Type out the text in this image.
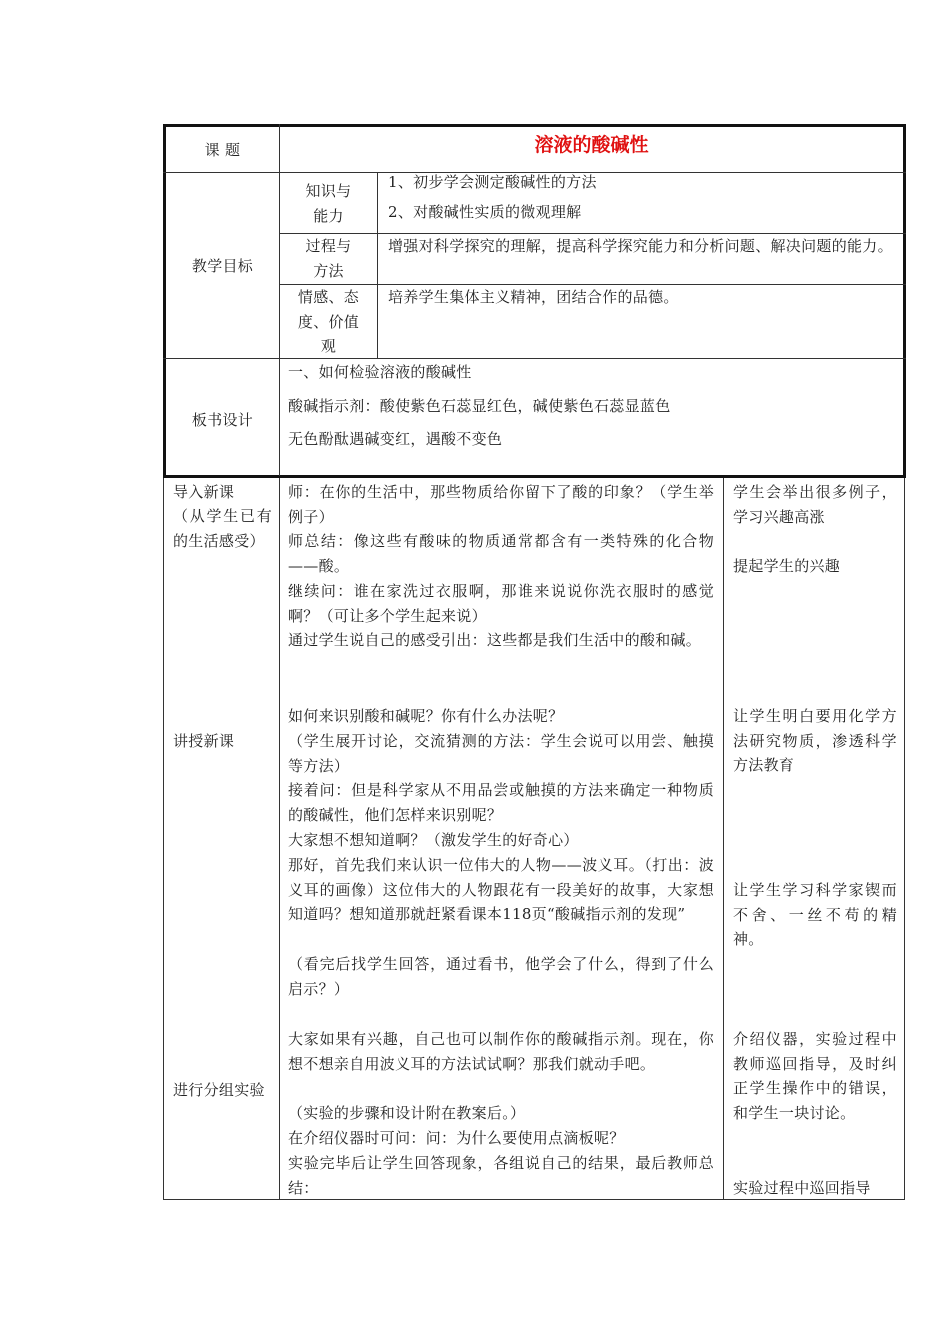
课 题	溶液的酸碱性
教学目标
知识与
能力
1、初步学会测定酸碱性的方法
2、对酸碱性实质的微观理解
过程与
方法
增强对科学探究的理解，提高科学探究能力和分析问题、解决问题的能力。
情感、态
度、价值
观
培养学生集体主义精神，团结合作的品德。
板书设计
一、如何检验溶液的酸碱性
酸碱指示剂：酸使紫色石蕊显红色，碱使紫色石蕊显蓝色
无色酚酞遇碱变红，遇酸不变色
导入新课
（从学生已有的生活感受）
讲授新课
进行分组实验
师：在你的生活中，那些物质给你留下了酸的印象？（学生举例子）
师总结：像这些有酸味的物质通常都含有一类特殊的化合物——酸。
继续问：谁在家洗过衣服啊，那谁来说说你洗衣服时的感觉啊？（可让多个学生起来说）
通过学生说自己的感受引出：这些都是我们生活中的酸和碱。
如何来识别酸和碱呢？你有什么办法呢？
（学生展开讨论，交流猜测的方法：学生会说可以用尝、触摸等方法）
接着问：但是科学家从不用品尝或触摸的方法来确定一种物质的酸碱性，他们怎样来识别呢？
大家想不想知道啊？（激发学生的好奇心）
那好，首先我们来认识一位伟大的人物——波义耳。（打出：波义耳的画像）这位伟大的人物跟花有一段美好的故事，大家想知道吗？想知道那就赶紧看课本118页“酸碱指示剂的发现”
（看完后找学生回答，通过看书，他学会了什么，得到了什么启示？）
大家如果有兴趣，自己也可以制作你的酸碱指示剂。现在，你想不想亲自用波义耳的方法试试啊？那我们就动手吧。
（实验的步骤和设计附在教案后。）
在介绍仪器时可问：问：为什么要使用点滴板呢？
实验完毕后让学生回答现象，各组说自己的结果，最后教师总结：
学生会举出很多例子，学习兴趣高涨
提起学生的兴趣
让学生明白要用化学方法研究物质，渗透科学方法教育
让学生学习科学家锲而不舍、一丝不苟的精神。
介绍仪器，实验过程中教师巡回指导，及时纠正学生操作中的错误，和学生一块讨论。
实验过程中巡回指导
